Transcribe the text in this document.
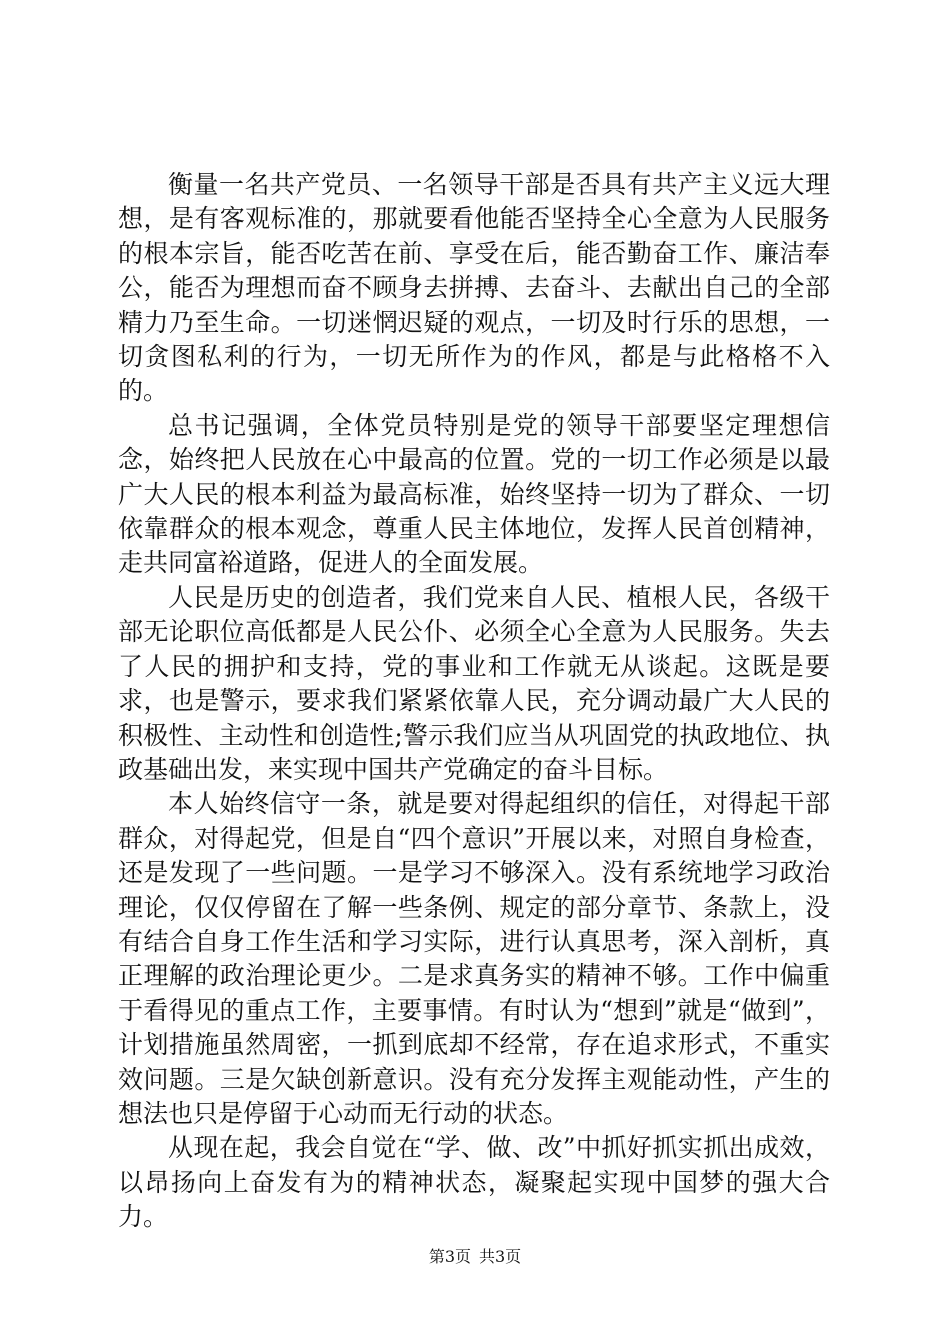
衡量一名共产党员、一名领导干部是否具有共产主义远大理想，是有客观标准的，那就要看他能否坚持全心全意为人民服务的根本宗旨，能否吃苦在前、享受在后，能否勤奋工作、廉洁奉公，能否为理想而奋不顾身去拼搏、去奋斗、去献出自己的全部精力乃至生命。一切迷惘迟疑的观点，一切及时行乐的思想，一切贪图私利的行为，一切无所作为的作风，都是与此格格不入的。

总书记强调，全体党员特别是党的领导干部要坚定理想信念，始终把人民放在心中最高的位置。党的一切工作必须是以最广大人民的根本利益为最高标准，始终坚持一切为了群众、一切依靠群众的根本观念，尊重人民主体地位，发挥人民首创精神，走共同富裕道路，促进人的全面发展。

人民是历史的创造者，我们党来自人民、植根人民，各级干部无论职位高低都是人民公仆、必须全心全意为人民服务。失去了人民的拥护和支持，党的事业和工作就无从谈起。这既是要求，也是警示，要求我们紧紧依靠人民，充分调动最广大人民的积极性、主动性和创造性;警示我们应当从巩固党的执政地位、执政基础出发，来实现中国共产党确定的奋斗目标。

本人始终信守一条，就是要对得起组织的信任，对得起干部群众，对得起党，但是自“四个意识”开展以来，对照自身检查，还是发现了一些问题。一是学习不够深入。没有系统地学习政治理论，仅仅停留在了解一些条例、规定的部分章节、条款上，没有结合自身工作生活和学习实际，进行认真思考，深入剖析，真正理解的政治理论更少。二是求真务实的精神不够。工作中偏重于看得见的重点工作，主要事情。有时认为“想到”就是“做到”，计划措施虽然周密，一抓到底却不经常，存在追求形式，不重实效问题。三是欠缺创新意识。没有充分发挥主观能动性，产生的想法也只是停留于心动而无行动的状态。

从现在起，我会自觉在“学、做、改”中抓好抓实抓出成效，以昂扬向上奋发有为的精神状态，凝聚起实现中国梦的强大合力。

第3页 共3页
